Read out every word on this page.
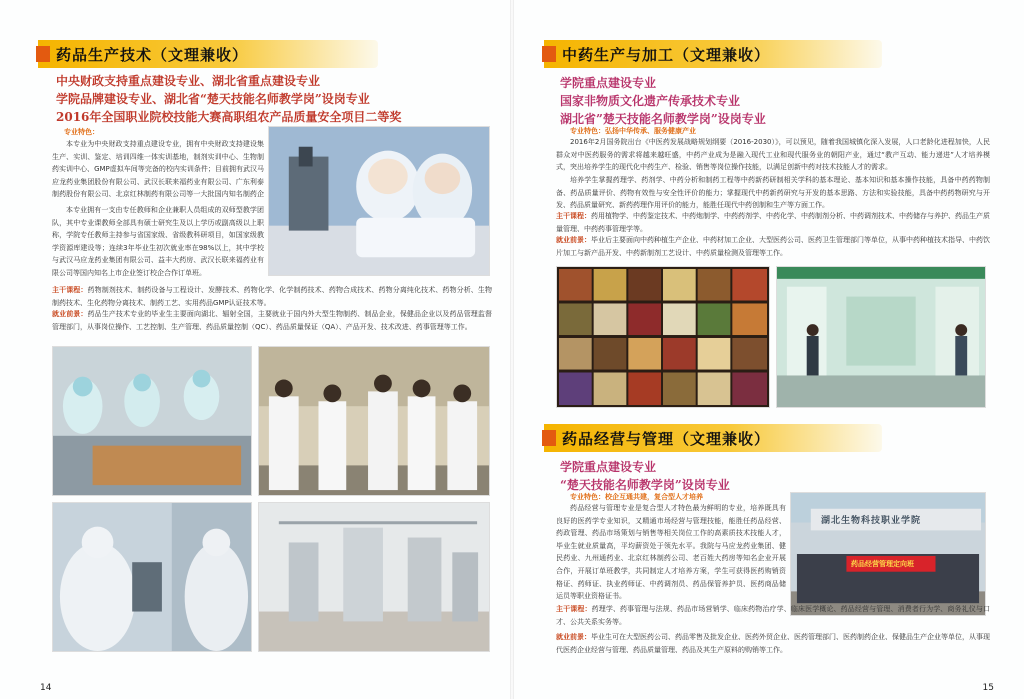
药品生产技术（文理兼收）
中央财政支持重点建设专业、湖北省重点建设专业
学院品牌建设专业、湖北省“楚天技能名师教学岗”设岗专业
2016年全国职业院校技能大赛高职组农产品质量安全项目二等奖
专业特色：
本专业为中央财政支持重点建设专业，拥有中央财政支持建设集生产、实训、鉴定、培训四维一体实训基地，制剂实训中心、生物制药实训中心、GMP虚拟车间等完备的校内实训条件；目前拥有武汉马应龙药业集团股份有限公司、武汉长联来福药业有限公司、广东利泰制药股份有限公司、北京红林制药有限公司等一大批国内知名制药企
本专业拥有一支由专任教师和企业兼职人员组成的双师型教学团队，其中专业课教师全部具有硕士研究生及以上学历或副高级以上职称，学院专任教师主持参与省国家级、省级教科研项目，如国家级教学资源库建设等；连续3年毕业生初次就业率在98%以上，其中学校与武汉马应龙药业集团有限公司、益丰大药房、武汉长联来福药业有限公司等国内知名上市企业签订校企合作订单班。
主干课程：药物制剂技术、制药设备与工程设计、发酵技术、药物化学、化学制药技术、药物合成技术、药物分离纯化技术、药物分析、生物制药技术、生化药物分离技术、制药工艺、实用药品GMP认证技术等。
就业前景：药品生产技术专业的毕业生主要面向湖北、辐射全国，主要就业于国内外大型生物制药、制品企业，保健品企业以及药品管理监督管理部门，从事岗位操作、工艺控制、生产管理、药品质量控制（QC）、药品质量保证（QA）、产品开发、技术改进、药事管理等工作。
14
中药生产与加工（文理兼收）
学院重点建设专业
国家非物质文化遗产传承技术专业
湖北省”楚天技能名师教学岗”设岗专业
专业特色：弘扬中华传承、服务健康产业
2016年2月国务院出台《中医药发展战略规划纲要（2016-2030）》，可以预见，随着我国城镇化深入发展，人口老龄化进程加快，人民群众对中医药服务的需求将越来越旺盛，中药产业成为是融入现代工业和现代服务业的朝阳产业，通过“教产互动、能力递进”人才培养模式，突出培养学生的现代化中药生产、检验、销售等岗位操作技能，以满足创新中药对技术技能人才的需求。
培养学生掌握药理学、药剂学、中药分析和制药工程等中药新药研制相关学科的基本理论、基本知识和基本操作技能，具备中药药物制备、药品质量评价、药物有效性与安全性评价的能力；掌握现代中药新药研究与开发的基本思路、方法和实验技能，具备中药药物研究与开发、药品质量研究、新药药理作用评价的能力，能胜任现代中药创制和生产等方面工作。
主干课程：药用植物学、中药鉴定技术、中药炮制学、中药药剂学、中药化学、中药制剂分析、中药调剂技术、中药储存与养护、药品生产质量管理、中药药事管理学等。
就业前景：毕业后主要面向中药种植生产企业、中药材加工企业、大型医药公司、医药卫生管理部门等单位，从事中药种植技术指导、中药饮片加工与新产品开发、中药新制剂工艺设计、中药质量检测及管理等工作。
药品经营与管理（文理兼收）
学院重点建设专业
“楚天技能名师教学岗”设岗专业
专业特色：校企互通共建，复合型人才培养
药品经营与管理专业是复合型人才特色最为鲜明的专业，培养既具有良好的医药学专业知识，又精通市场经营与管理技能，能胜任药品经营、药政管理、药品市场策划与销售等相关岗位工作的高素质技术技能人才，毕业生就业质量高，平均薪资处于领先水平。我院与马应龙药业集团、健民药业、九州通药业、北京红林制药公司、老百姓大药房等知名企业开展合作，开展订单班教学，共同制定人才培养方案，学生可获得医药购销资格证、药师证、执业药师证、中药调剂员、药品保管养护员、医药商品储运员等职业资格证书。
湖北生物科技职业学院
药品经营管理定向班
主干课程：药理学、药事管理与法规、药品市场营销学、临床药物治疗学、临床医学概论、药品经营与管理、消费者行为学、商务礼仪与口才、公共关系实务等。
就业前景：毕业生可在大型医药公司、药品零售及批发企业、医药外贸企业、医药管理部门、医药制药企业、保健品生产企业等单位，从事现代医药企业经营与管理、药品质量管理、药品及其生产原料的购销等工作。
15
